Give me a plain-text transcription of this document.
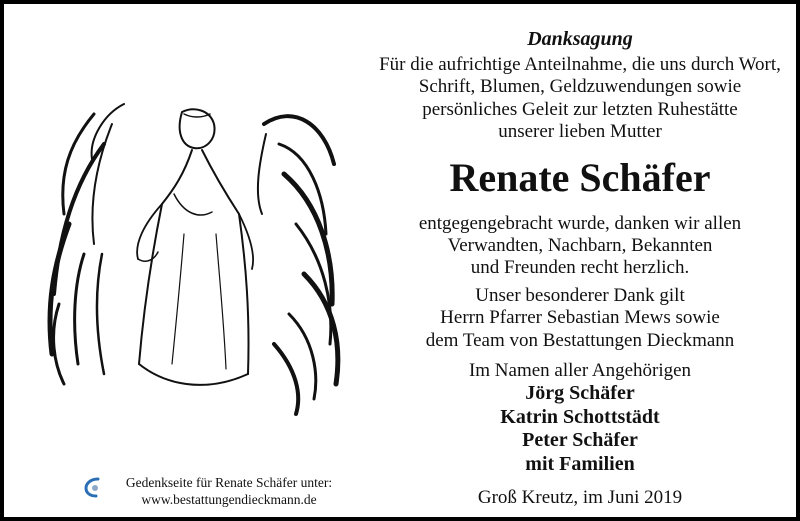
Danksagung
Für die aufrichtige Anteilnahme, die uns durch Wort,
Schrift, Blumen, Geldzuwendungen sowie
persönliches Geleit zur letzten Ruhestätte
unserer lieben Mutter
Renate Schäfer
entgegengebracht wurde, danken wir allen
Verwandten, Nachbarn, Bekannten
und Freunden recht herzlich.
Unser besonderer Dank gilt
Herrn Pfarrer Sebastian Mews sowie
dem Team von Bestattungen Dieckmann
Im Namen aller Angehörigen
Jörg Schäfer
Katrin Schottstädt
Peter Schäfer
mit Familien
Groß Kreutz, im Juni 2019
Gedenkseite für Renate Schäfer unter:
www.bestattungendieckmann.de
